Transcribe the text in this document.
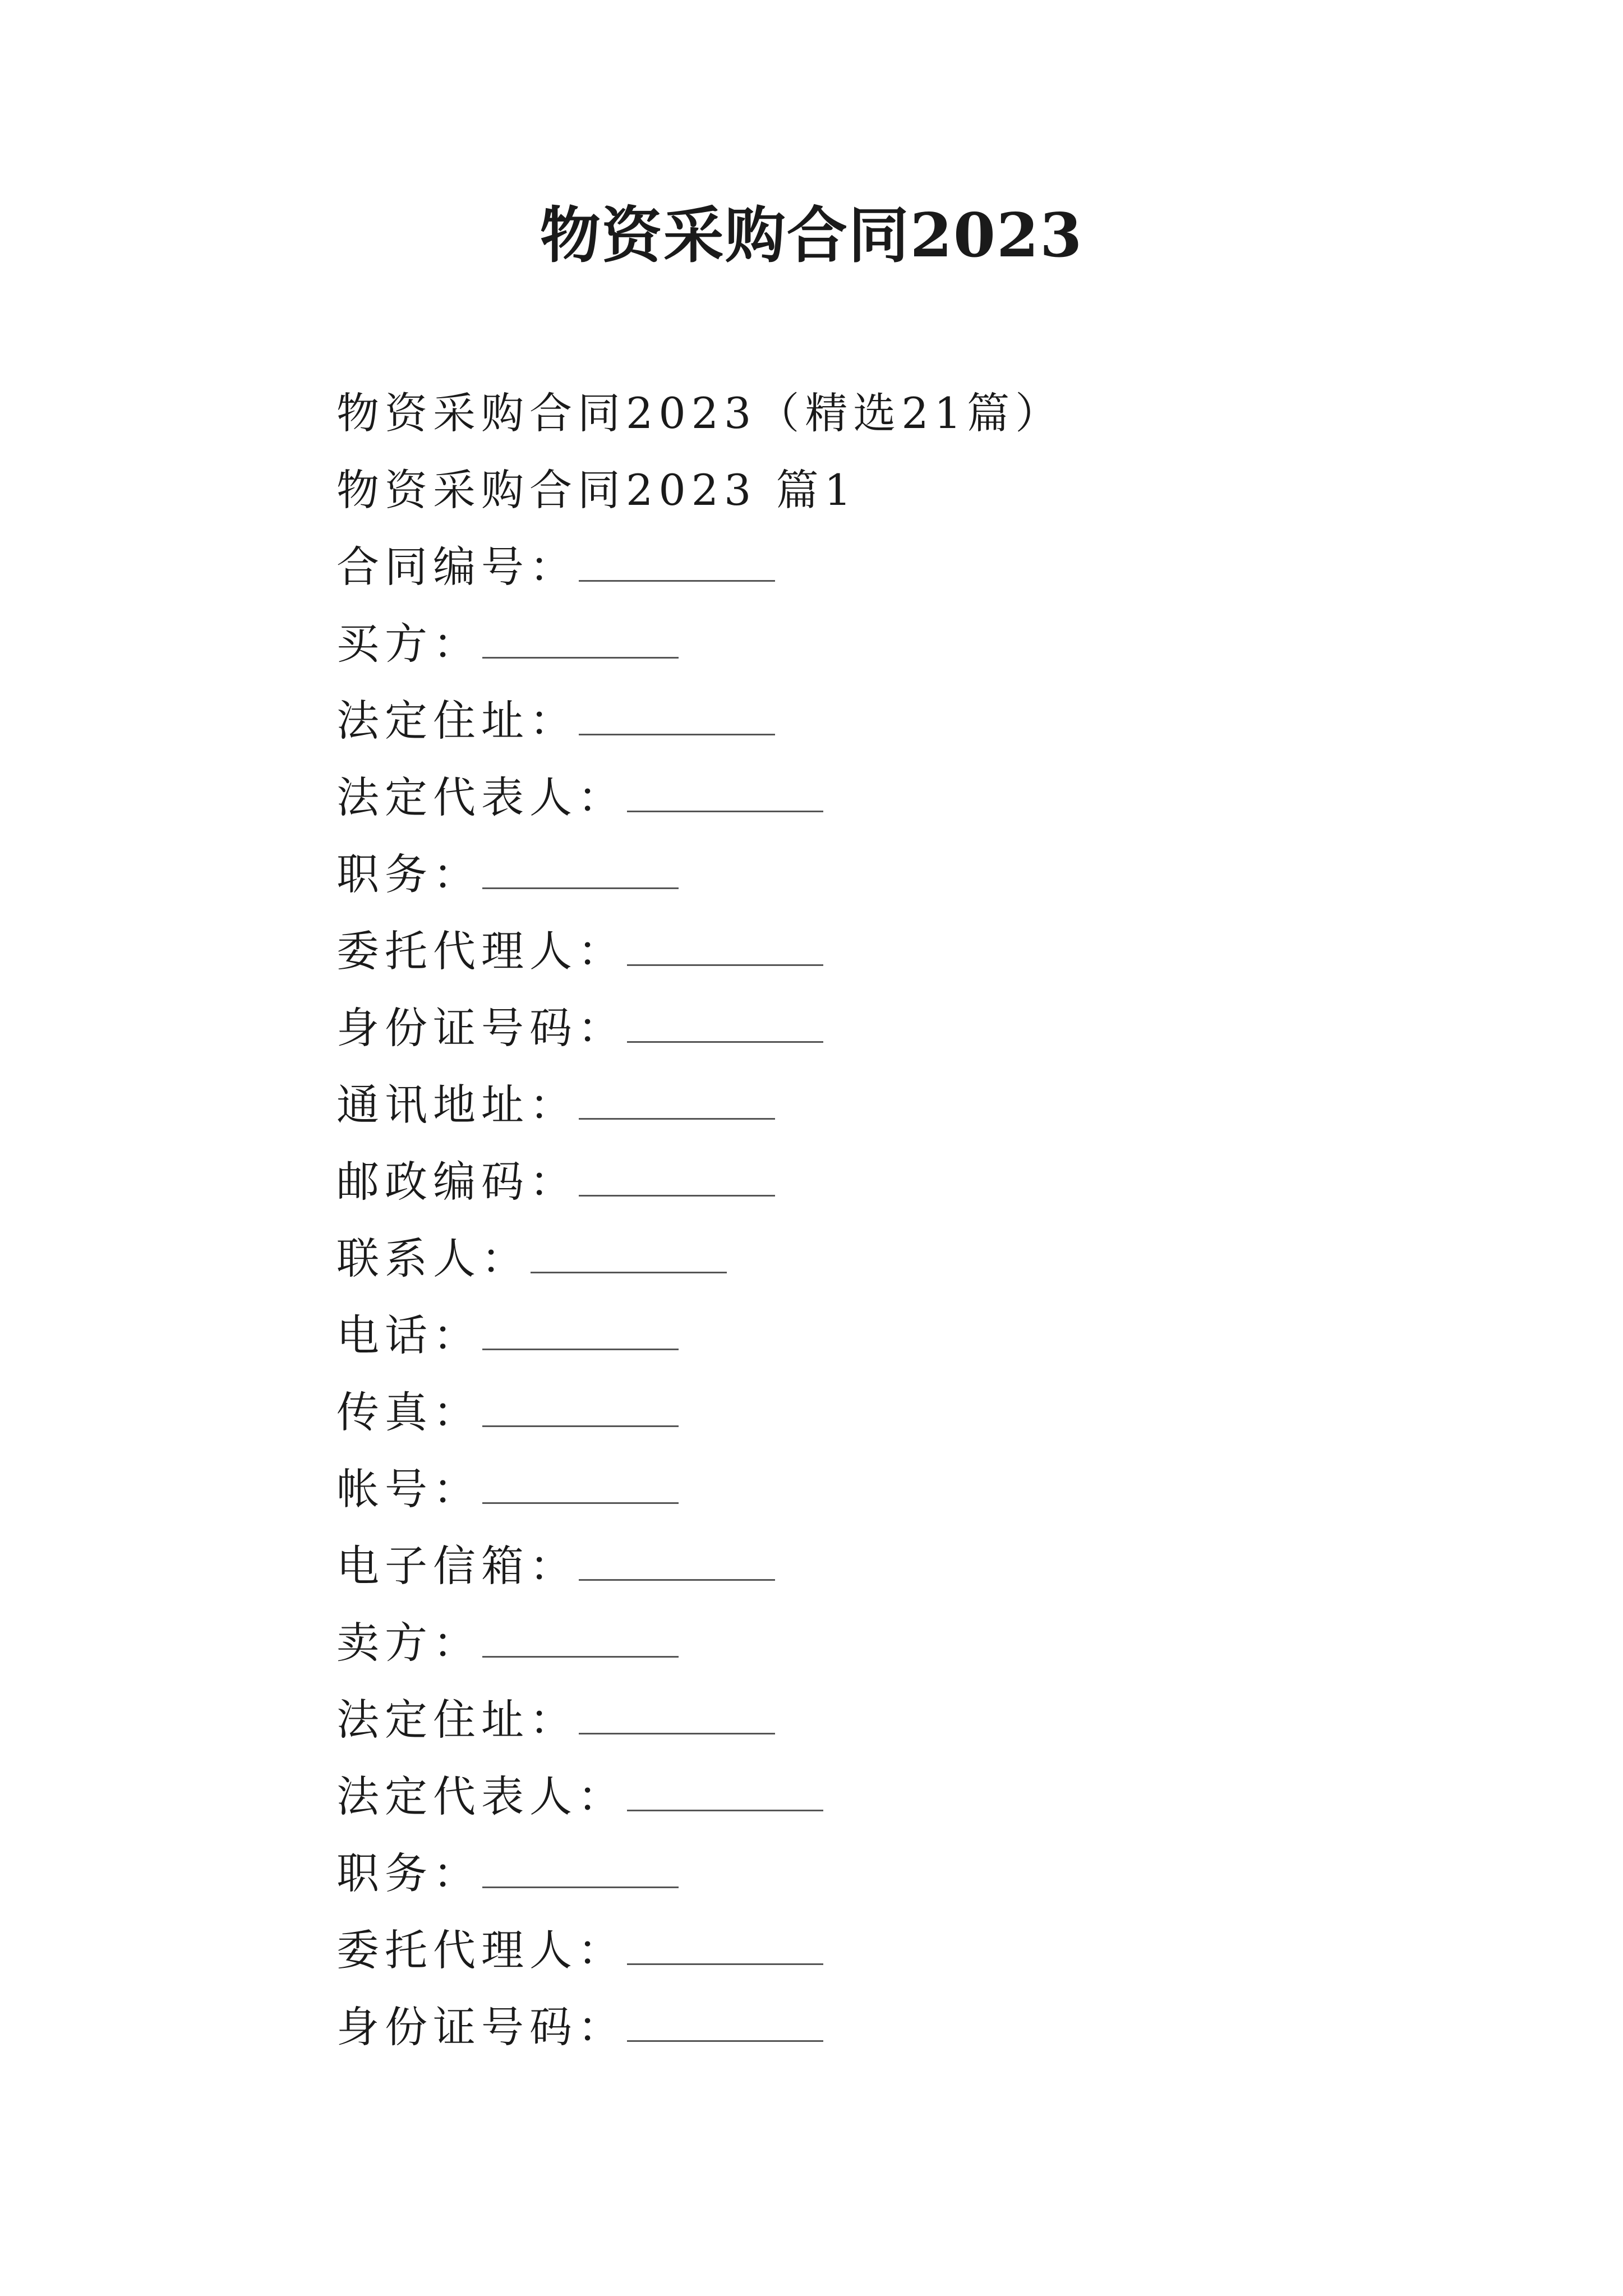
物资采购合同2023
物资采购合同2023（精选21篇）
物资采购合同2023 篇1
合同编号：
买方：
法定住址：
法定代表人：
职务：
委托代理人：
身份证号码：
通讯地址：
邮政编码：
联系人：
电话：
传真：
帐号：
电子信箱：
卖方：
法定住址：
法定代表人：
职务：
委托代理人：
身份证号码：
